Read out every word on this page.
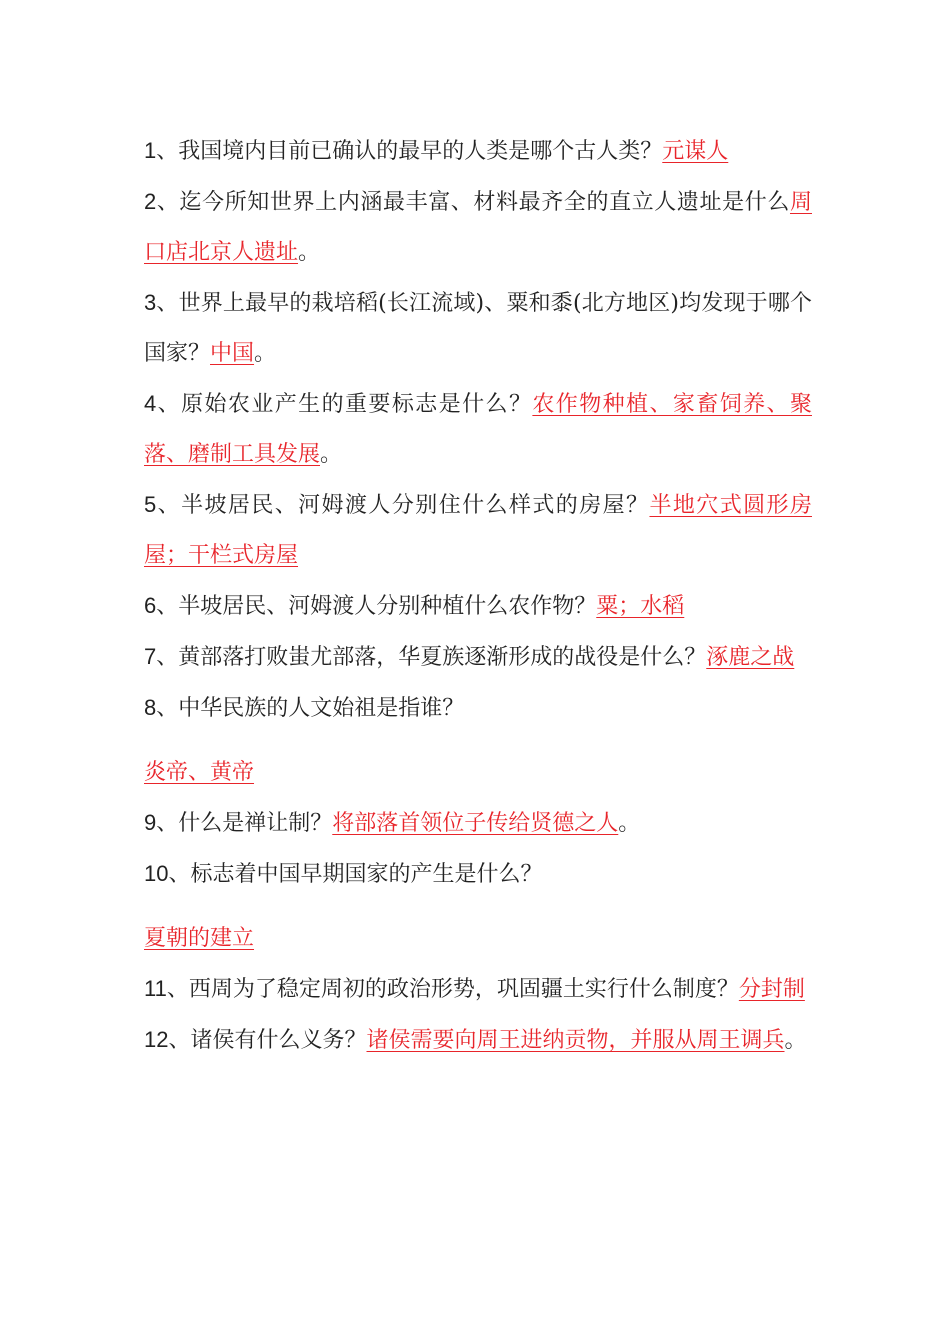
1、我国境内目前已确认的最早的人类是哪个古人类？元谋人

2、迄今所知世界上内涵最丰富、材料最齐全的直立人遗址是什么周口店北京人遗址。

3、世界上最早的栽培稻(长江流域)、粟和黍(北方地区)均发现于哪个国家？中国。

4、原始农业产生的重要标志是什么？农作物种植、家畜饲养、聚落、磨制工具发展。

5、半坡居民、河姆渡人分别住什么样式的房屋？半地穴式圆形房屋；干栏式房屋

6、半坡居民、河姆渡人分别种植什么农作物？粟；水稻

7、黄部落打败蚩尤部落，华夏族逐渐形成的战役是什么？涿鹿之战

8、中华民族的人文始祖是指谁？

炎帝、黄帝

9、什么是禅让制？将部落首领位子传给贤德之人。

10、标志着中国早期国家的产生是什么？

夏朝的建立

11、西周为了稳定周初的政治形势，巩固疆土实行什么制度？分封制

12、诸侯有什么义务？诸侯需要向周王进纳贡物，并服从周王调兵。
